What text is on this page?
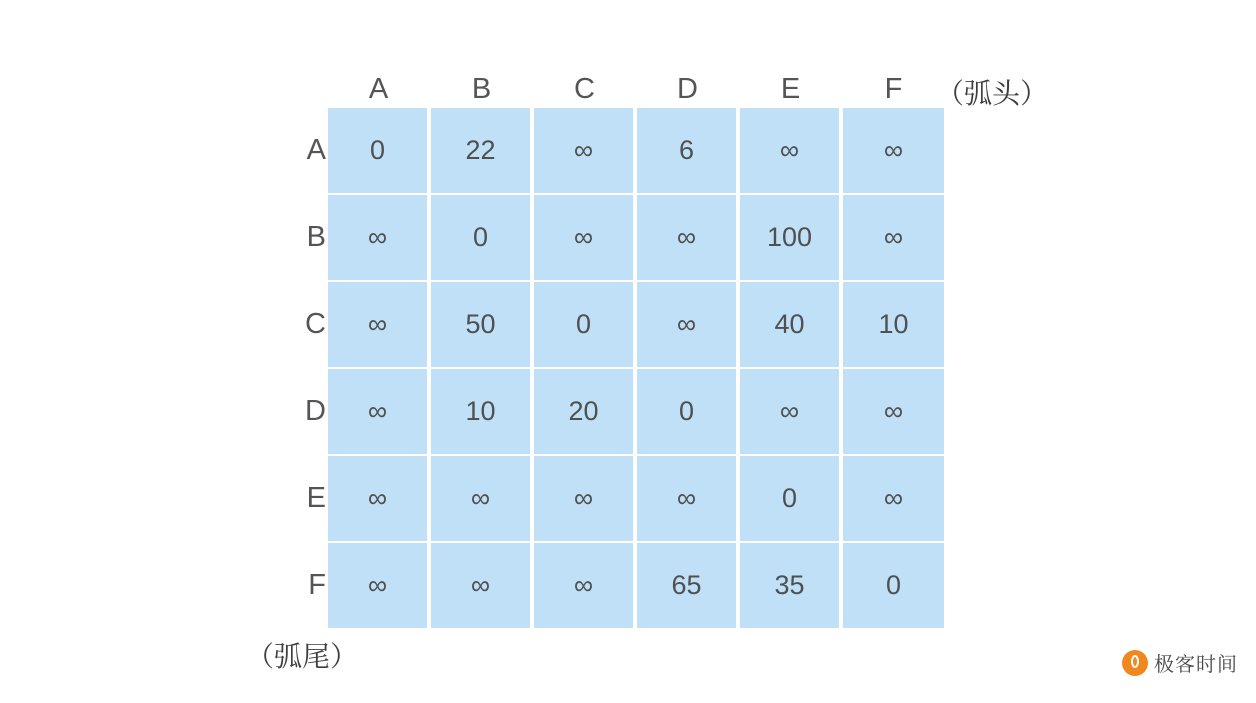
	A	B	C	D	E	F
A	0	22	∞	6	∞	∞
B	∞	0	∞	∞	100	∞
C	∞	50	0	∞	40	10
D	∞	10	20	0	∞	∞
E	∞	∞	∞	∞	0	∞
F	∞	∞	∞	65	35	0
（弧头）
（弧尾）	极客时间
